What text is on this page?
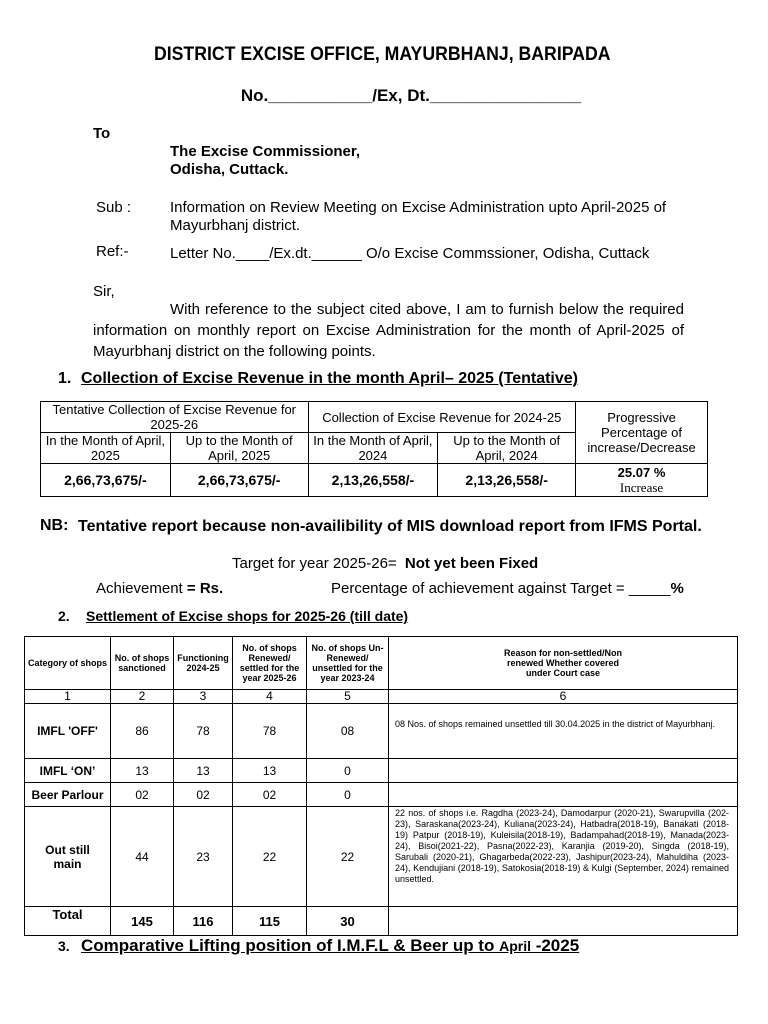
DISTRICT EXCISE OFFICE, MAYURBHANJ, BARIPADA
No.___________/Ex, Dt.________________
To
The Excise Commissioner,
Odisha, Cuttack.
Sub :	Information on Review Meeting on Excise Administration upto April-2025 of Mayurbhanj district.
Ref:-	Letter No.____/Ex.dt.______ O/o Excise Commssioner, Odisha, Cuttack
Sir,
With reference to the subject cited above, I am to furnish below the required information on monthly report on Excise Administration for the month of April-2025 of Mayurbhanj district on the following points.
1. Collection of Excise Revenue in the month April– 2025 (Tentative)
Tentative Collection of Excise Revenue for 2025-26		Collection of Excise Revenue for 2024-25		Progressive Percentage of increase/Decrease
In the Month of April, 2025	Up to the Month of April, 2025	In the Month of April, 2024	Up to the Month of April, 2024	
2,66,73,675/-	2,66,73,675/-	2,13,26,558/-	2,13,26,558/-	25.07 %
Increase
NB: Tentative report because non-availibility of MIS download report from IFMS Portal.
Target for year 2025-26= Not yet been Fixed
Achievement = Rs.	Percentage of achievement against Target = _____%
2. Settlement of Excise shops for 2025-26 (till date)
Category of shops	No. of shops sanctioned	Functioning 2024-25	No. of shops Renewed/ settled for the year 2025-26	No. of shops Un-Renewed/ unsettled for the year 2023-24	Reason for non-settled/Non renewed Whether covered under Court case
1	2	3	4	5	6
IMFL 'OFF'	86	78	78	08	08 Nos. of shops remained unsettled till 30.04.2025 in the district of Mayurbhanj.
IMFL ‘ON’	13	13	13	0	
Beer Parlour	02	02	02	0	
Out still main	44	23	22	22	22 nos. of shops i.e. Ragdha (2023-24), Damodarpur (2020-21), Swarupvilla (202-23), Saraskana(2023-24), Kuliana(2023-24), Hatbadra(2018-19), Banakati (2018-19) Patpur (2018-19), Kuleisila(2018-19), Badampahad(2018-19), Manada(2023-24), Bisoi(2021-22), Pasna(2022-23), Karanjia (2019-20), Singda (2018-19), Sarubali (2020-21), Ghagarbeda(2022-23), Jashipur(2023-24), Mahuldiha (2023-24), Kendujiani (2018-19), Satokosia(2018-19) & Kulgi (September, 2024) remained unsettled.
Total	145	116	115	30	
3. Comparative Lifting position of I.M.F.L & Beer up to April -2025
